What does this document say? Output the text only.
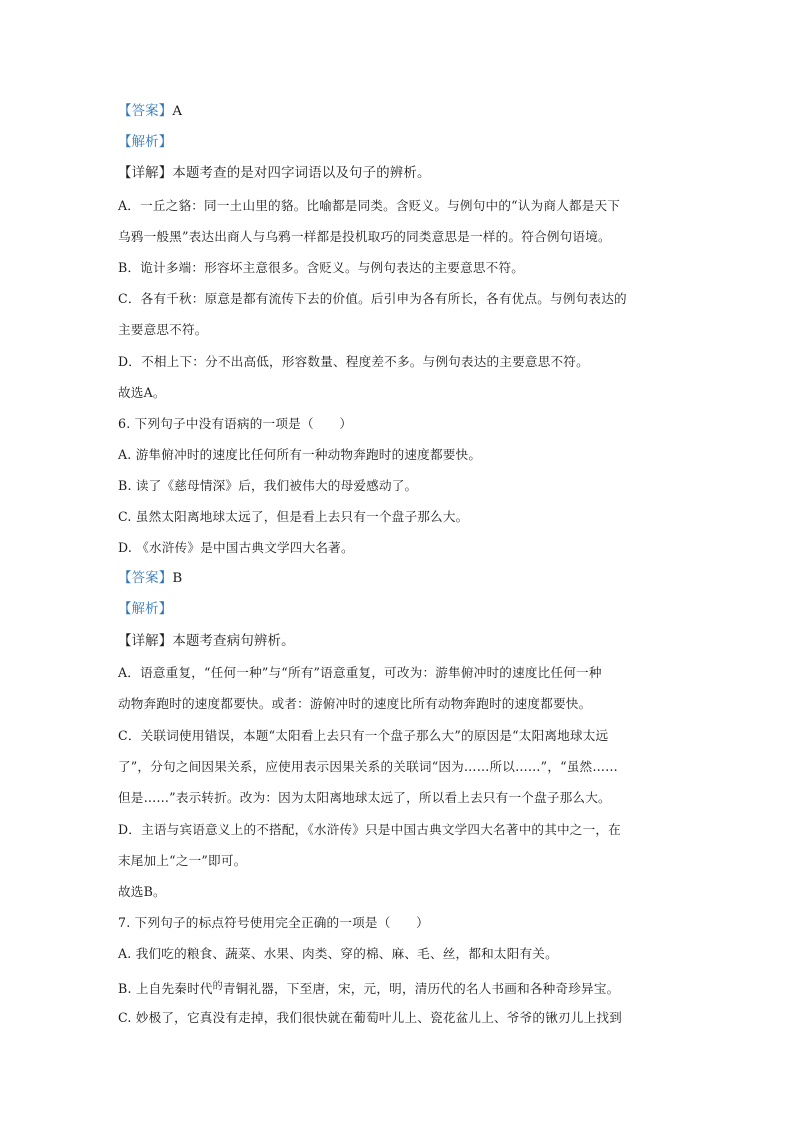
【答案】A
【解析】
【详解】本题考查的是对四字词语以及句子的辨析。
A．一丘之貉：同一土山里的貉。比喻都是同类。含贬义。与例句中的“认为商人都是天下
乌鸦一般黑”表达出商人与乌鸦一样都是投机取巧的同类意思是一样的。符合例句语境。
B．诡计多端：形容坏主意很多。含贬义。与例句表达的主要意思不符。
C．各有千秋：原意是都有流传下去的价值。后引申为各有所长，各有优点。与例句表达的
主要意思不符。
D．不相上下：分不出高低，形容数量、程度差不多。与例句表达的主要意思不符。
故选A。
6. 下列句子中没有语病的一项是（　　）
A. 游隼俯冲时的速度比任何所有一种动物奔跑时的速度都要快。
B. 读了《慈母情深》后，我们被伟大的母爱感动了。
C. 虽然太阳离地球太远了，但是看上去只有一个盘子那么大。
D. 《水浒传》是中国古典文学四大名著。
【答案】B
【解析】
【详解】本题考查病句辨析。
A．语意重复，“任何一种”与“所有”语意重复，可改为：游隼俯冲时的速度比任何一种
动物奔跑时的速度都要快。或者：游俯冲时的速度比所有动物奔跑时的速度都要快。
C．关联词使用错误，本题“太阳看上去只有一个盘子那么大”的原因是“太阳离地球太远
了”，分句之间因果关系，应使用表示因果关系的关联词“因为……所以……”，“虽然……
但是……”表示转折。改为：因为太阳离地球太远了，所以看上去只有一个盘子那么大。
D．主语与宾语意义上的不搭配，《水浒传》只是中国古典文学四大名著中的其中之一，在
末尾加上“之一”即可。
故选B。
7. 下列句子的标点符号使用完全正确的一项是（　　）
A. 我们吃的粮食、蔬菜、水果、肉类、穿的棉、麻、毛、丝，都和太阳有关。
B. 上自先秦时代$^的$青铜礼器，下至唐，宋，元，明，清历代的名人书画和各种奇珍异宝。
C. 妙极了，它真没有走掉，我们很快就在葡萄叶儿上、瓷花盆儿上、爷爷的锹刃儿上找到
